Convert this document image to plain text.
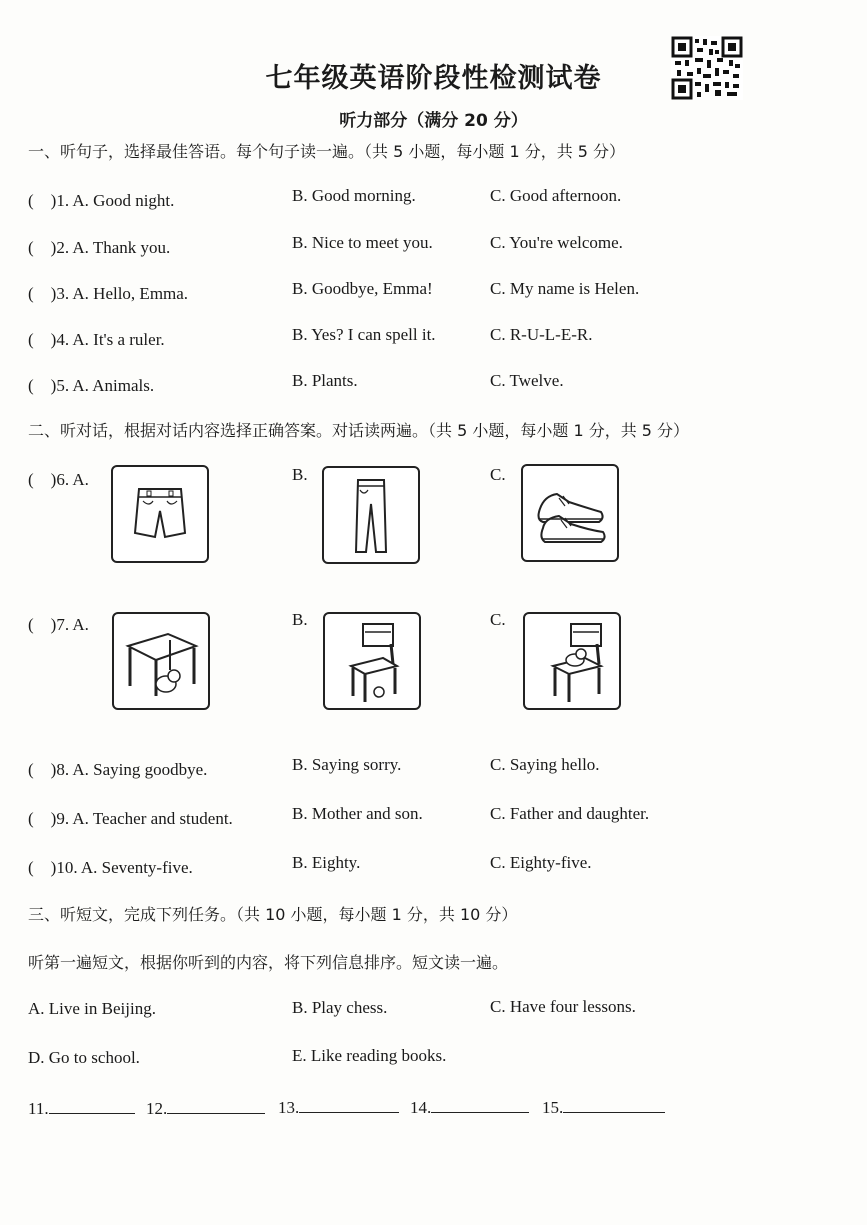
七年级英语阶段性检测试卷
听力部分（满分 20 分）
一、听句子，选择最佳答语。每个句子读一遍。（共 5 小题，每小题 1 分，共 5 分）
(　)1. A. Good night.	B. Good morning.	C. Good afternoon.
(　)2. A. Thank you.	B. Nice to meet you.	C. You're welcome.
(　)3. A. Hello, Emma.	B. Goodbye, Emma!	C. My name is Helen.
(　)4. A. It's a ruler.	B. Yes? I can spell it.	C. R-U-L-E-R.
(　)5. A. Animals.	B. Plants.	C. Twelve.
二、听对话，根据对话内容选择正确答案。对话读两遍。（共 5 小题，每小题 1 分，共 5 分）
(　)6. A.	B.	C.
(　)7. A.	B.	C.
(　)8. A. Saying goodbye.	B. Saying sorry.	C. Saying hello.
(　)9. A. Teacher and student.	B. Mother and son.	C. Father and daughter.
(　)10. A. Seventy-five.	B. Eighty.	C. Eighty-five.
三、听短文，完成下列任务。（共 10 小题，每小题 1 分，共 10 分）
听第一遍短文，根据你听到的内容，将下列信息排序。短文读一遍。
A. Live in Beijing.	B. Play chess.	C. Have four lessons.
D. Go to school.	E. Like reading books.
11.	12.	13.	14.	15.
